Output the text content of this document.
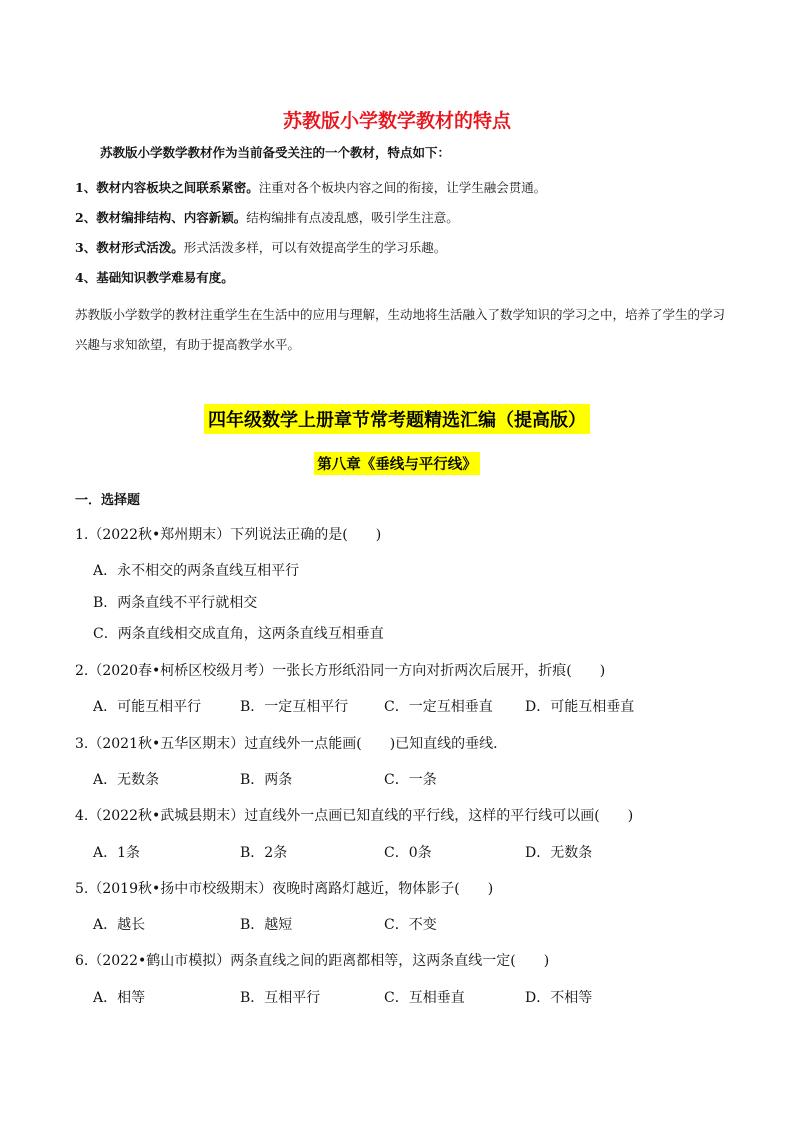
苏教版小学数学教材的特点
苏教版小学数学教材作为当前备受关注的一个教材，特点如下：
1、教材内容板块之间联系紧密。注重对各个板块内容之间的衔接，让学生融会贯通。
2、教材编排结构、内容新颖。结构编排有点凌乱感，吸引学生注意。
3、教材形式活泼。形式活泼多样，可以有效提高学生的学习乐趣。
4、基础知识教学难易有度。
苏教版小学数学的教材注重学生在生活中的应用与理解，生动地将生活融入了数学知识的学习之中，培养了学生的学习兴趣与求知欲望，有助于提高教学水平。
四年级数学上册章节常考题精选汇编（提高版）
第八章《垂线与平行线》
一．选择题
1.（2022秋•郑州期末）下列说法正确的是(　　)
A．永不相交的两条直线互相平行
B．两条直线不平行就相交
C．两条直线相交成直角，这两条直线互相垂直
2.（2020春•柯桥区校级月考）一张长方形纸沿同一方向对折两次后展开，折痕(　　)
A．可能互相平行	B．一定互相平行	C．一定互相垂直 D．可能互相垂直
3.（2021秋•五华区期末）过直线外一点能画(　　)已知直线的垂线.
A．无数条	B．两条	C．一条
4.（2022秋•武城县期末）过直线外一点画已知直线的平行线，这样的平行线可以画(　　)
A．1条	B．2条	C．0条	D．无数条
5.（2019秋•扬中市校级期末）夜晚时离路灯越近，物体影子(　　)
A．越长	B．越短	C．不变
6.（2022•鹤山市模拟）两条直线之间的距离都相等，这两条直线一定(　　)
A．相等	B．互相平行	C．互相垂直	D．不相等
